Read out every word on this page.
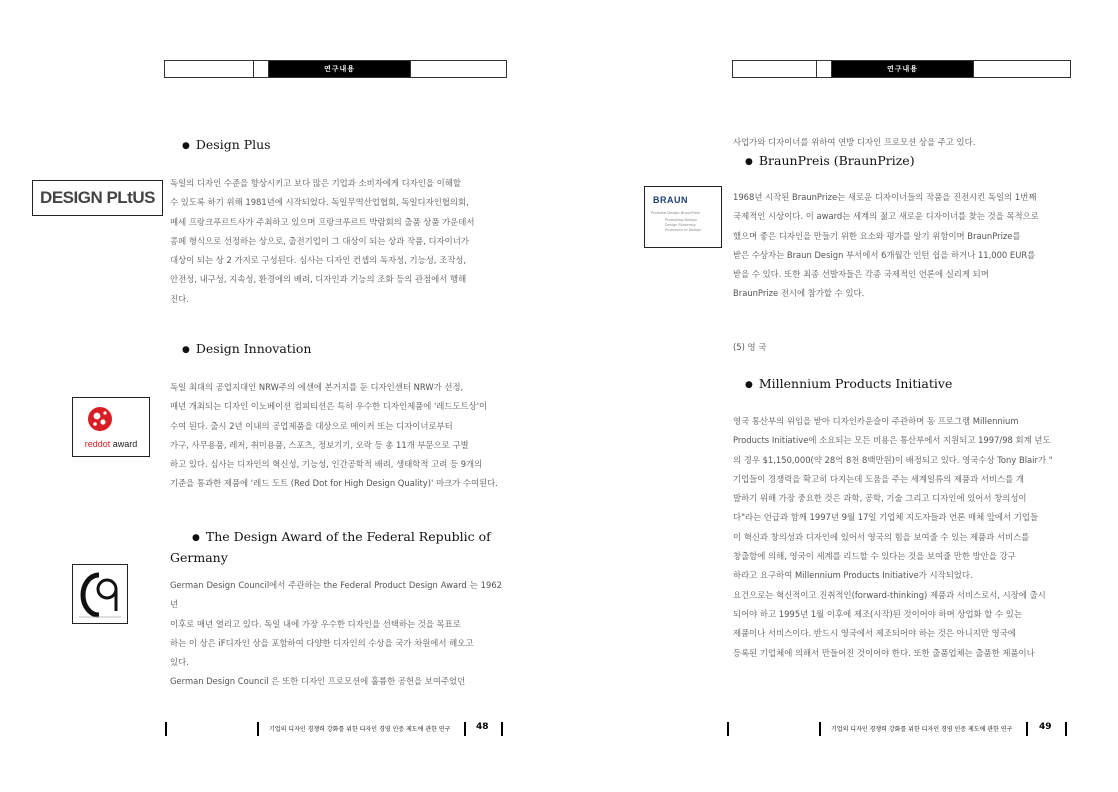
연구내용
● Design Plus
DESIGN PLtUS

독일의 디자인 수준을 향상시키고 보다 많은 기업과 소비자에게 디자인을 이해할

수 있도록 하기 위해 1981년에 시작되었다. 독일무역산업협회, 독일디자인협의회,

메세 프랑크푸르트사가 주최하고 있으며 프랑크푸르트 박람회의 출품 상품 가운데서

콩페 형식으로 선정하는 상으로, 출전기업이 그 대상이 되는 상과 작품, 디자이너가

대상이 되는 상 2 가지로 구성된다. 심사는 디자인 컨셉의 독자성, 기능성, 조작성,

안전성, 내구성, 지속성, 환경에의 배려, 디자인과 기능의 조화 등의 관점에서 행해

진다.

● Design Innovation
reddot award

독일 최대의 공업지대인 NRW주의 에센에 본거지를 둔 디자인센터 NRW가 선정,

매년 개최되는 디자인 이노베이션 컴피티션은 특히 우수한 디자인제품에 '레드도트상'이

수여 된다. 출시 2년 이내의 공업제품을 대상으로 메이커 또는 디자이너로부터

가구, 사무용품, 레저, 취미용품, 스포츠, 정보기기, 오락 등 총 11개 부문으로 구별

하고 있다. 심사는 디자인의 혁신성, 기능성, 인간공학적 배려, 생태학적 고려 등 9개의

기준을 통과한 제품에 '레드 도트 (Red Dot for High Design Quality)' 마크가 수여된다.

● The Design Award of the Federal Republic of
Germany

German Design Council에서 주관하는 the Federal Product Design Award 는 1962년

이후로 매년 열리고 있다. 독일 내에 가장 우수한 디자인을 선택하는 것을 목표로

하는 이 상은 iF디자인 상을 포함하여 다양한 디자인의 수상을 국가 차원에서 해오고

있다.

German Design Council 은 또한 디자인 프로모션에 훌륭한 공헌을 보여주었던

기업의 디자인 경쟁력 강화를 위한 디자인 경영 인증 제도에 관한 연구	48
연구내용

사업가와 디자이너를 위하여 연방 디자인 프로모션 상을 주고 있다.

● BraunPreis (BraunPrize)
BRAUN
Promote Design BraunPreis
Promoting Design
Design Fördernig
Promovoir le Design

1968년 시작된 BraunPrize는 새로운 디자이너들의 작품을 진전시킨 독일의 1번째

국제적인 시상이다. 이 award는 세계의 젊고 새로운 디자이너를 찾는 것을 목적으로

했으며 좋은 디자인을 만들기 위한 요소와 평가를 알기 위함이며 BraunPrize를

받은 수상자는 Braun Design 부서에서 6개월간 인턴 쉽을 하거나 11,000 EUR를

받을 수 있다. 또한 최종 선발자들은 각종 국제적인 언론에 실리게 되며

BraunPrize 전시에 참가할 수 있다.

(5) 영 국

● Millennium Products Initiative

영국 통산부의 위임을 받아 디자인카운슬이 주관하며 동 프로그램 Millennium

Products Initiative에 소요되는 모든 비용은 통산부에서 지원되고 1997/98 회계 년도

의 경우 $1,150,000(약 28억 8천 8백만원)이 배정되고 있다. 영국수상 Tony Blair가 "

기업들이 경쟁력을 확고히 다지는데 도움을 주는 세계일류의 제품과 서비스를 개

발하기 위해 가장 중요한 것은 과학, 공학, 기술 그리고 디자인에 있어서 창의성이

다"라는 언급과 함께 1997년 9월 17일 기업체 지도자들과 언론 매체 앞에서 기업들

이 혁신과 창의성과 디자인에 있어서 영국의 힘을 보여줄 수 있는 제품과 서비스를

창출함에 의해, 영국이 세계를 리드할 수 있다는 것을 보여줄 만한 방안을 강구

하라고 요구하여 Millennium Products Initiative가 시작되었다.

요건으로는 혁신적이고 진취적인(forward-thinking) 제품과 서비스로서, 시장에 출시

되어야 하고 1995년 1월 이후에 제조(시작)된 것이어야 하며 상업화 할 수 있는

제품이나 서비스이다. 반드시 영국에서 제조되어야 하는 것은 아니지만 영국에

등록된 기업체에 의해서 만들어진 것이어야 한다. 또한 출품업체는 출품한 제품이나

기업의 디자인 경쟁력 강화를 위한 디자인 경영 인증 제도에 관한 연구	49
